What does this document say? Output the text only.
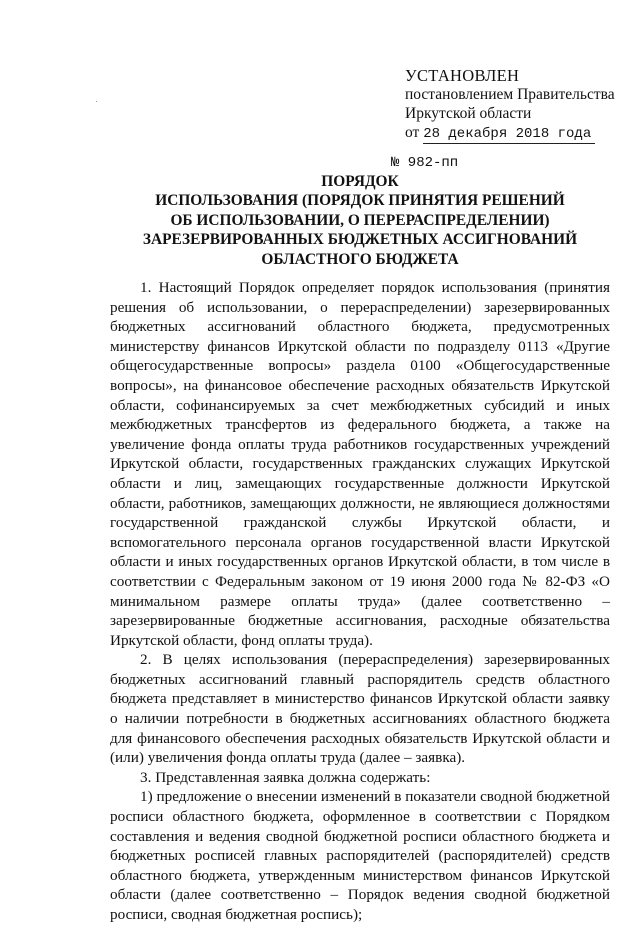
УСТАНОВЛЕН
постановлением Правительства
Иркутской области
от 28 декабря 2018 года
№ 982-пп
ПОРЯДОК
ИСПОЛЬЗОВАНИЯ (ПОРЯДОК ПРИНЯТИЯ РЕШЕНИЙ
ОБ ИСПОЛЬЗОВАНИИ, О ПЕРЕРАСПРЕДЕЛЕНИИ)
ЗАРЕЗЕРВИРОВАННЫХ БЮДЖЕТНЫХ АССИГНОВАНИЙ
ОБЛАСТНОГО БЮДЖЕТА

1. Настоящий Порядок определяет порядок использования (принятия решения об использовании, о перераспределении) зарезервированных бюджетных ассигнований областного бюджета, предусмотренных министерству финансов Иркутской области по подразделу 0113 «Другие общегосударственные вопросы» раздела 0100 «Общегосударственные вопросы», на финансовое обеспечение расходных обязательств Иркутской области, софинансируемых за счет межбюджетных субсидий и иных межбюджетных трансфертов из федерального бюджета, а также на увеличение фонда оплаты труда работников государственных учреждений Иркутской области, государственных гражданских служащих Иркутской области и лиц, замещающих государственные должности Иркутской области, работников, замещающих должности, не являющиеся должностями государственной гражданской службы Иркутской области, и вспомогательного персонала органов государственной власти Иркутской области и иных государственных органов Иркутской области, в том числе в соответствии с Федеральным законом от 19 июня 2000 года № 82-ФЗ «О минимальном размере оплаты труда» (далее соответственно – зарезервированные бюджетные ассигнования, расходные обязательства Иркутской области, фонд оплаты труда).

2. В целях использования (перераспределения) зарезервированных бюджетных ассигнований главный распорядитель средств областного бюджета представляет в министерство финансов Иркутской области заявку о наличии потребности в бюджетных ассигнованиях областного бюджета для финансового обеспечения расходных обязательств Иркутской области и (или) увеличения фонда оплаты труда (далее – заявка).

3. Представленная заявка должна содержать:

1) предложение о внесении изменений в показатели сводной бюджетной росписи областного бюджета, оформленное в соответствии с Порядком составления и ведения сводной бюджетной росписи областного бюджета и бюджетных росписей главных распорядителей (распорядителей) средств областного бюджета, утвержденным министерством финансов Иркутской области (далее соответственно – Порядок ведения сводной бюджетной росписи, сводная бюджетная роспись);
